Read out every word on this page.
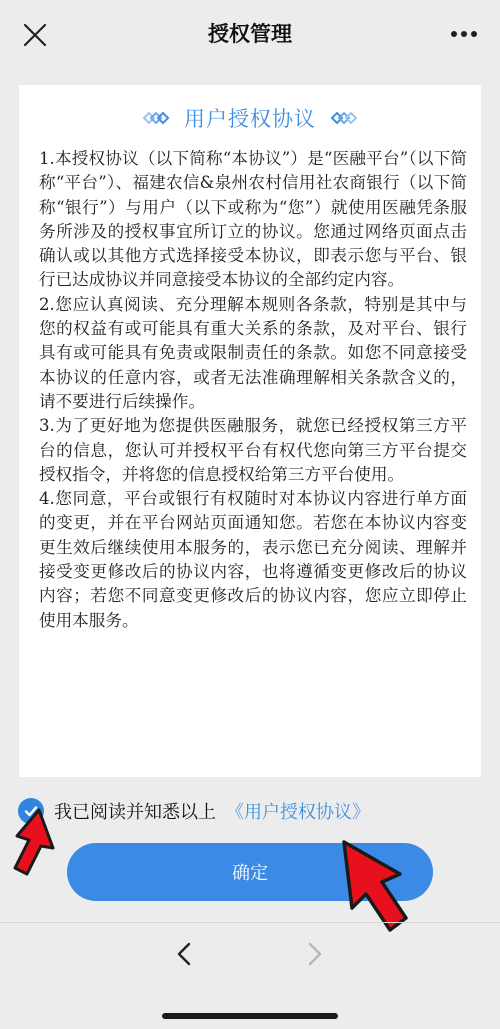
授权管理
用户授权协议

1.本授权协议（以下简称“本协议”）是“医融平台”（以下简称“平台”）、福建农信&泉州农村信用社农商银行（以下简称“银行”）与用户（以下或称为“您”）就使用医融凭条服务所涉及的授权事宜所订立的协议。您通过网络页面点击确认或以其他方式选择接受本协议，即表示您与平台、银行已达成协议并同意接受本协议的全部约定内容。

2.您应认真阅读、充分理解本规则各条款，特别是其中与您的权益有或可能具有重大关系的条款，及对平台、银行具有或可能具有免责或限制责任的条款。如您不同意接受本协议的任意内容，或者无法准确理解相关条款含义的，请不要进行后续操作。

3.为了更好地为您提供医融服务，就您已经授权第三方平台的信息，您认可并授权平台有权代您向第三方平台提交授权指令，并将您的信息授权给第三方平台使用。

4.您同意，平台或银行有权随时对本协议内容进行单方面的变更，并在平台网站页面通知您。若您在本协议内容变更生效后继续使用本服务的，表示您已充分阅读、理解并接受变更修改后的协议内容，也将遵循变更修改后的协议内容；若您不同意变更修改后的协议内容，您应立即停止使用本服务。

我已阅读并知悉以上 《用户授权协议》
确定
